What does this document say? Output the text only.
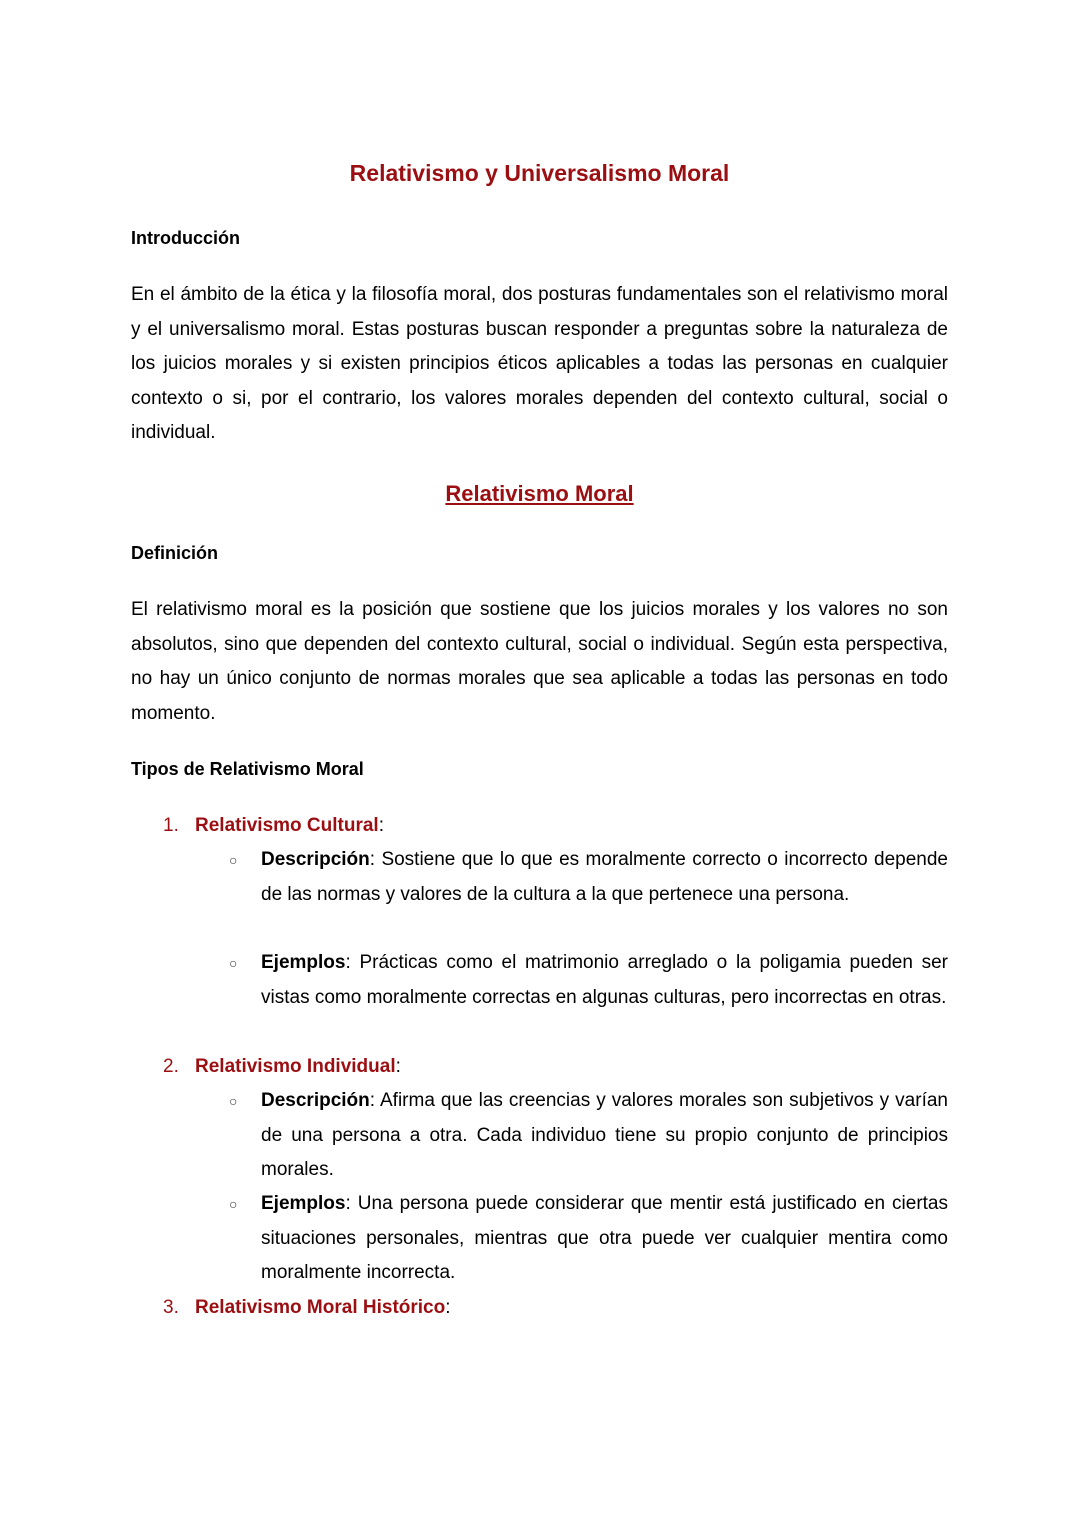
Relativismo y Universalismo Moral
Introducción
En el ámbito de la ética y la filosofía moral, dos posturas fundamentales son el relativismo moral y el universalismo moral. Estas posturas buscan responder a preguntas sobre la naturaleza de los juicios morales y si existen principios éticos aplicables a todas las personas en cualquier contexto o si, por el contrario, los valores morales dependen del contexto cultural, social o individual.
Relativismo Moral
Definición
El relativismo moral es la posición que sostiene que los juicios morales y los valores no son absolutos, sino que dependen del contexto cultural, social o individual. Según esta perspectiva, no hay un único conjunto de normas morales que sea aplicable a todas las personas en todo momento.
Tipos de Relativismo Moral
1. Relativismo Cultural:
○ Descripción: Sostiene que lo que es moralmente correcto o incorrecto depende de las normas y valores de la cultura a la que pertenece una persona.
○ Ejemplos: Prácticas como el matrimonio arreglado o la poligamia pueden ser vistas como moralmente correctas en algunas culturas, pero incorrectas en otras.
2. Relativismo Individual:
○ Descripción: Afirma que las creencias y valores morales son subjetivos y varían de una persona a otra. Cada individuo tiene su propio conjunto de principios morales.
○ Ejemplos: Una persona puede considerar que mentir está justificado en ciertas situaciones personales, mientras que otra puede ver cualquier mentira como moralmente incorrecta.
3. Relativismo Moral Histórico:
